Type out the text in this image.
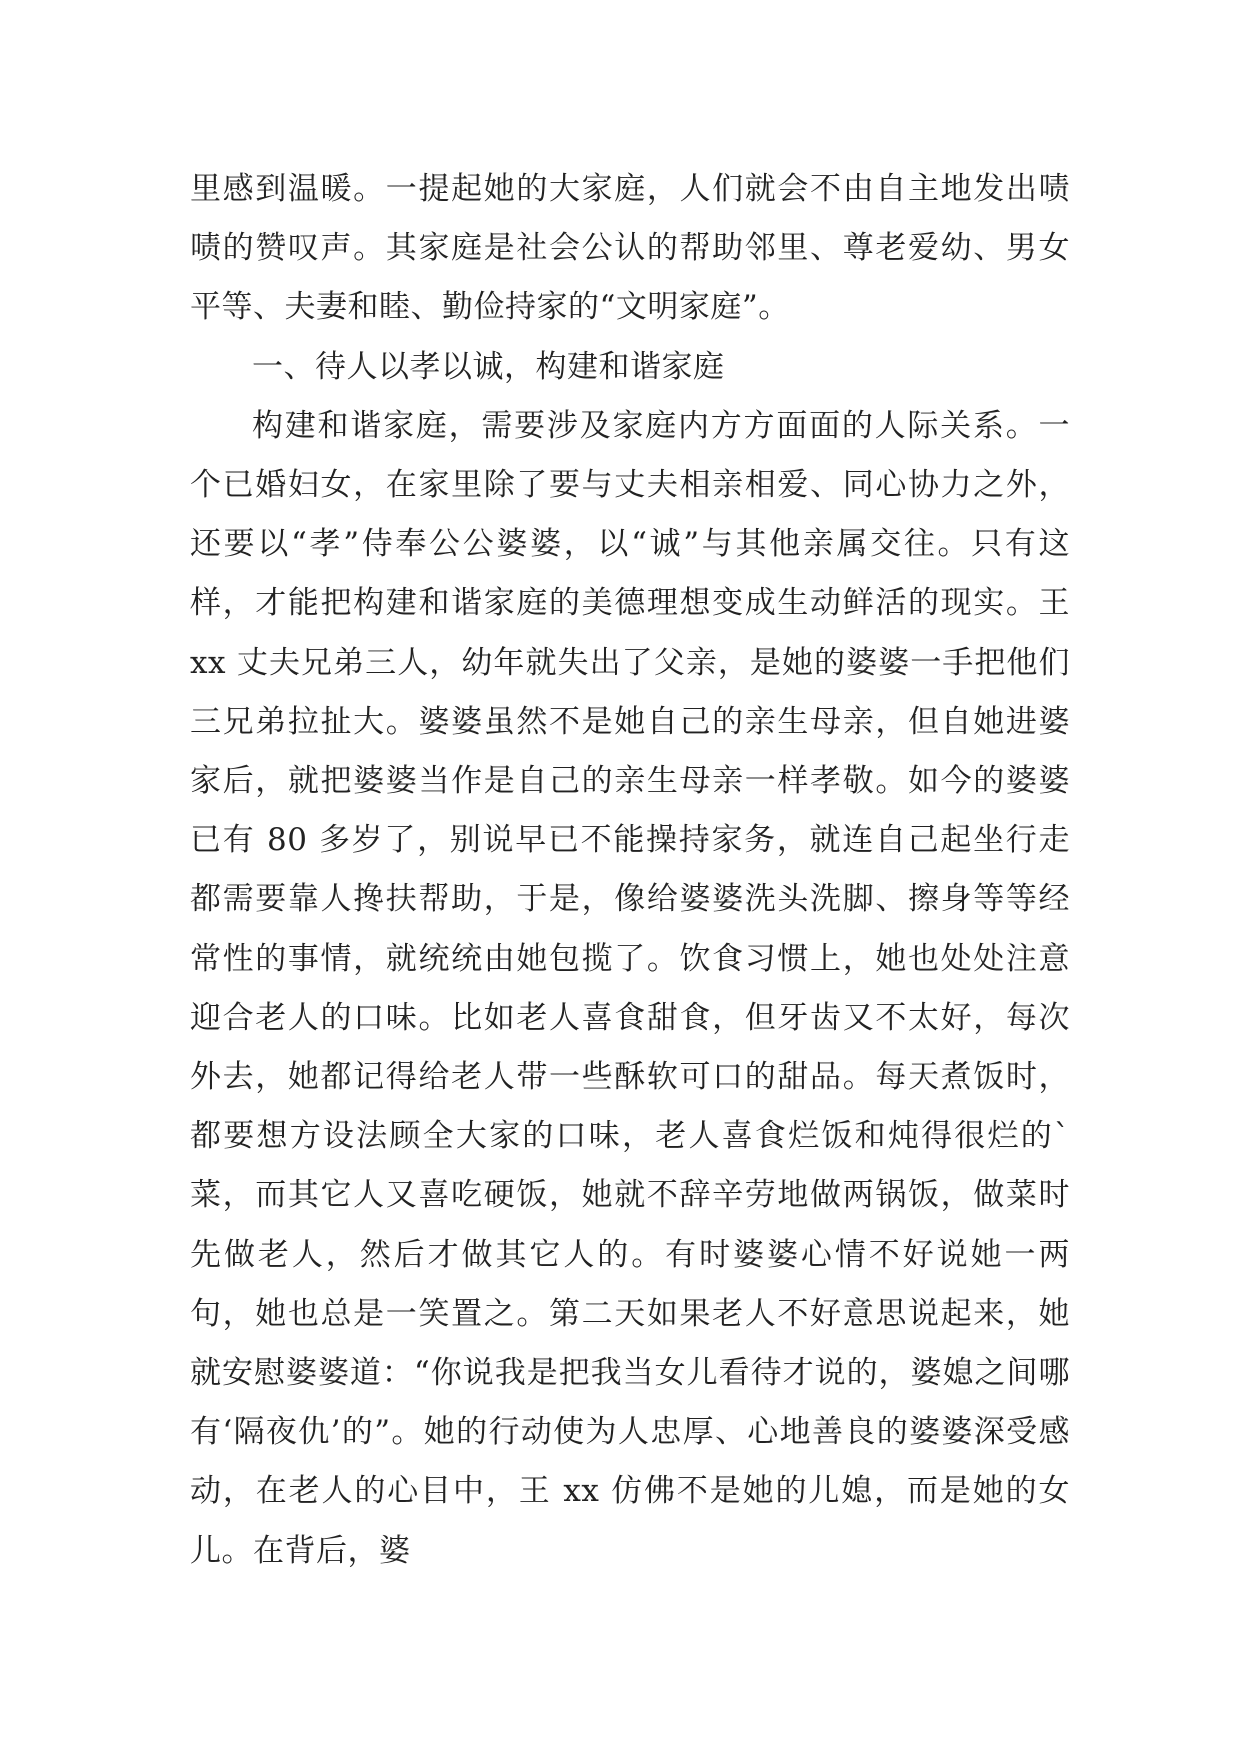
里感到温暖。一提起她的大家庭，人们就会不由自主地发出啧啧的赞叹声。其家庭是社会公认的帮助邻里、尊老爱幼、男女平等、夫妻和睦、勤俭持家的“文明家庭”。

一、待人以孝以诚，构建和谐家庭

构建和谐家庭，需要涉及家庭内方方面面的人际关系。一个已婚妇女，在家里除了要与丈夫相亲相爱、同心协力之外，还要以“孝”侍奉公公婆婆，以“诚”与其他亲属交往。只有这样，才能把构建和谐家庭的美德理想变成生动鲜活的现实。王 xx 丈夫兄弟三人，幼年就失出了父亲，是她的婆婆一手把他们三兄弟拉扯大。婆婆虽然不是她自己的亲生母亲，但自她进婆家后，就把婆婆当作是自己的亲生母亲一样孝敬。如今的婆婆已有 80 多岁了，别说早已不能操持家务，就连自己起坐行走都需要靠人搀扶帮助，于是，像给婆婆洗头洗脚、擦身等等经常性的事情，就统统由她包揽了。饮食习惯上，她也处处注意迎合老人的口味。比如老人喜食甜食，但牙齿又不太好，每次外去，她都记得给老人带一些酥软可口的甜品。每天煮饭时，都要想方设法顾全大家的口味，老人喜食烂饭和炖得很烂的`菜，而其它人又喜吃硬饭，她就不辞辛劳地做两锅饭，做菜时先做老人，然后才做其它人的。有时婆婆心情不好说她一两句，她也总是一笑置之。第二天如果老人不好意思说起来，她就安慰婆婆道：“你说我是把我当女儿看待才说的，婆媳之间哪有‘隔夜仇’的”。她的行动使为人忠厚、心地善良的婆婆深受感动，在老人的心目中，王 xx 仿佛不是她的儿媳，而是她的女儿。在背后，婆
